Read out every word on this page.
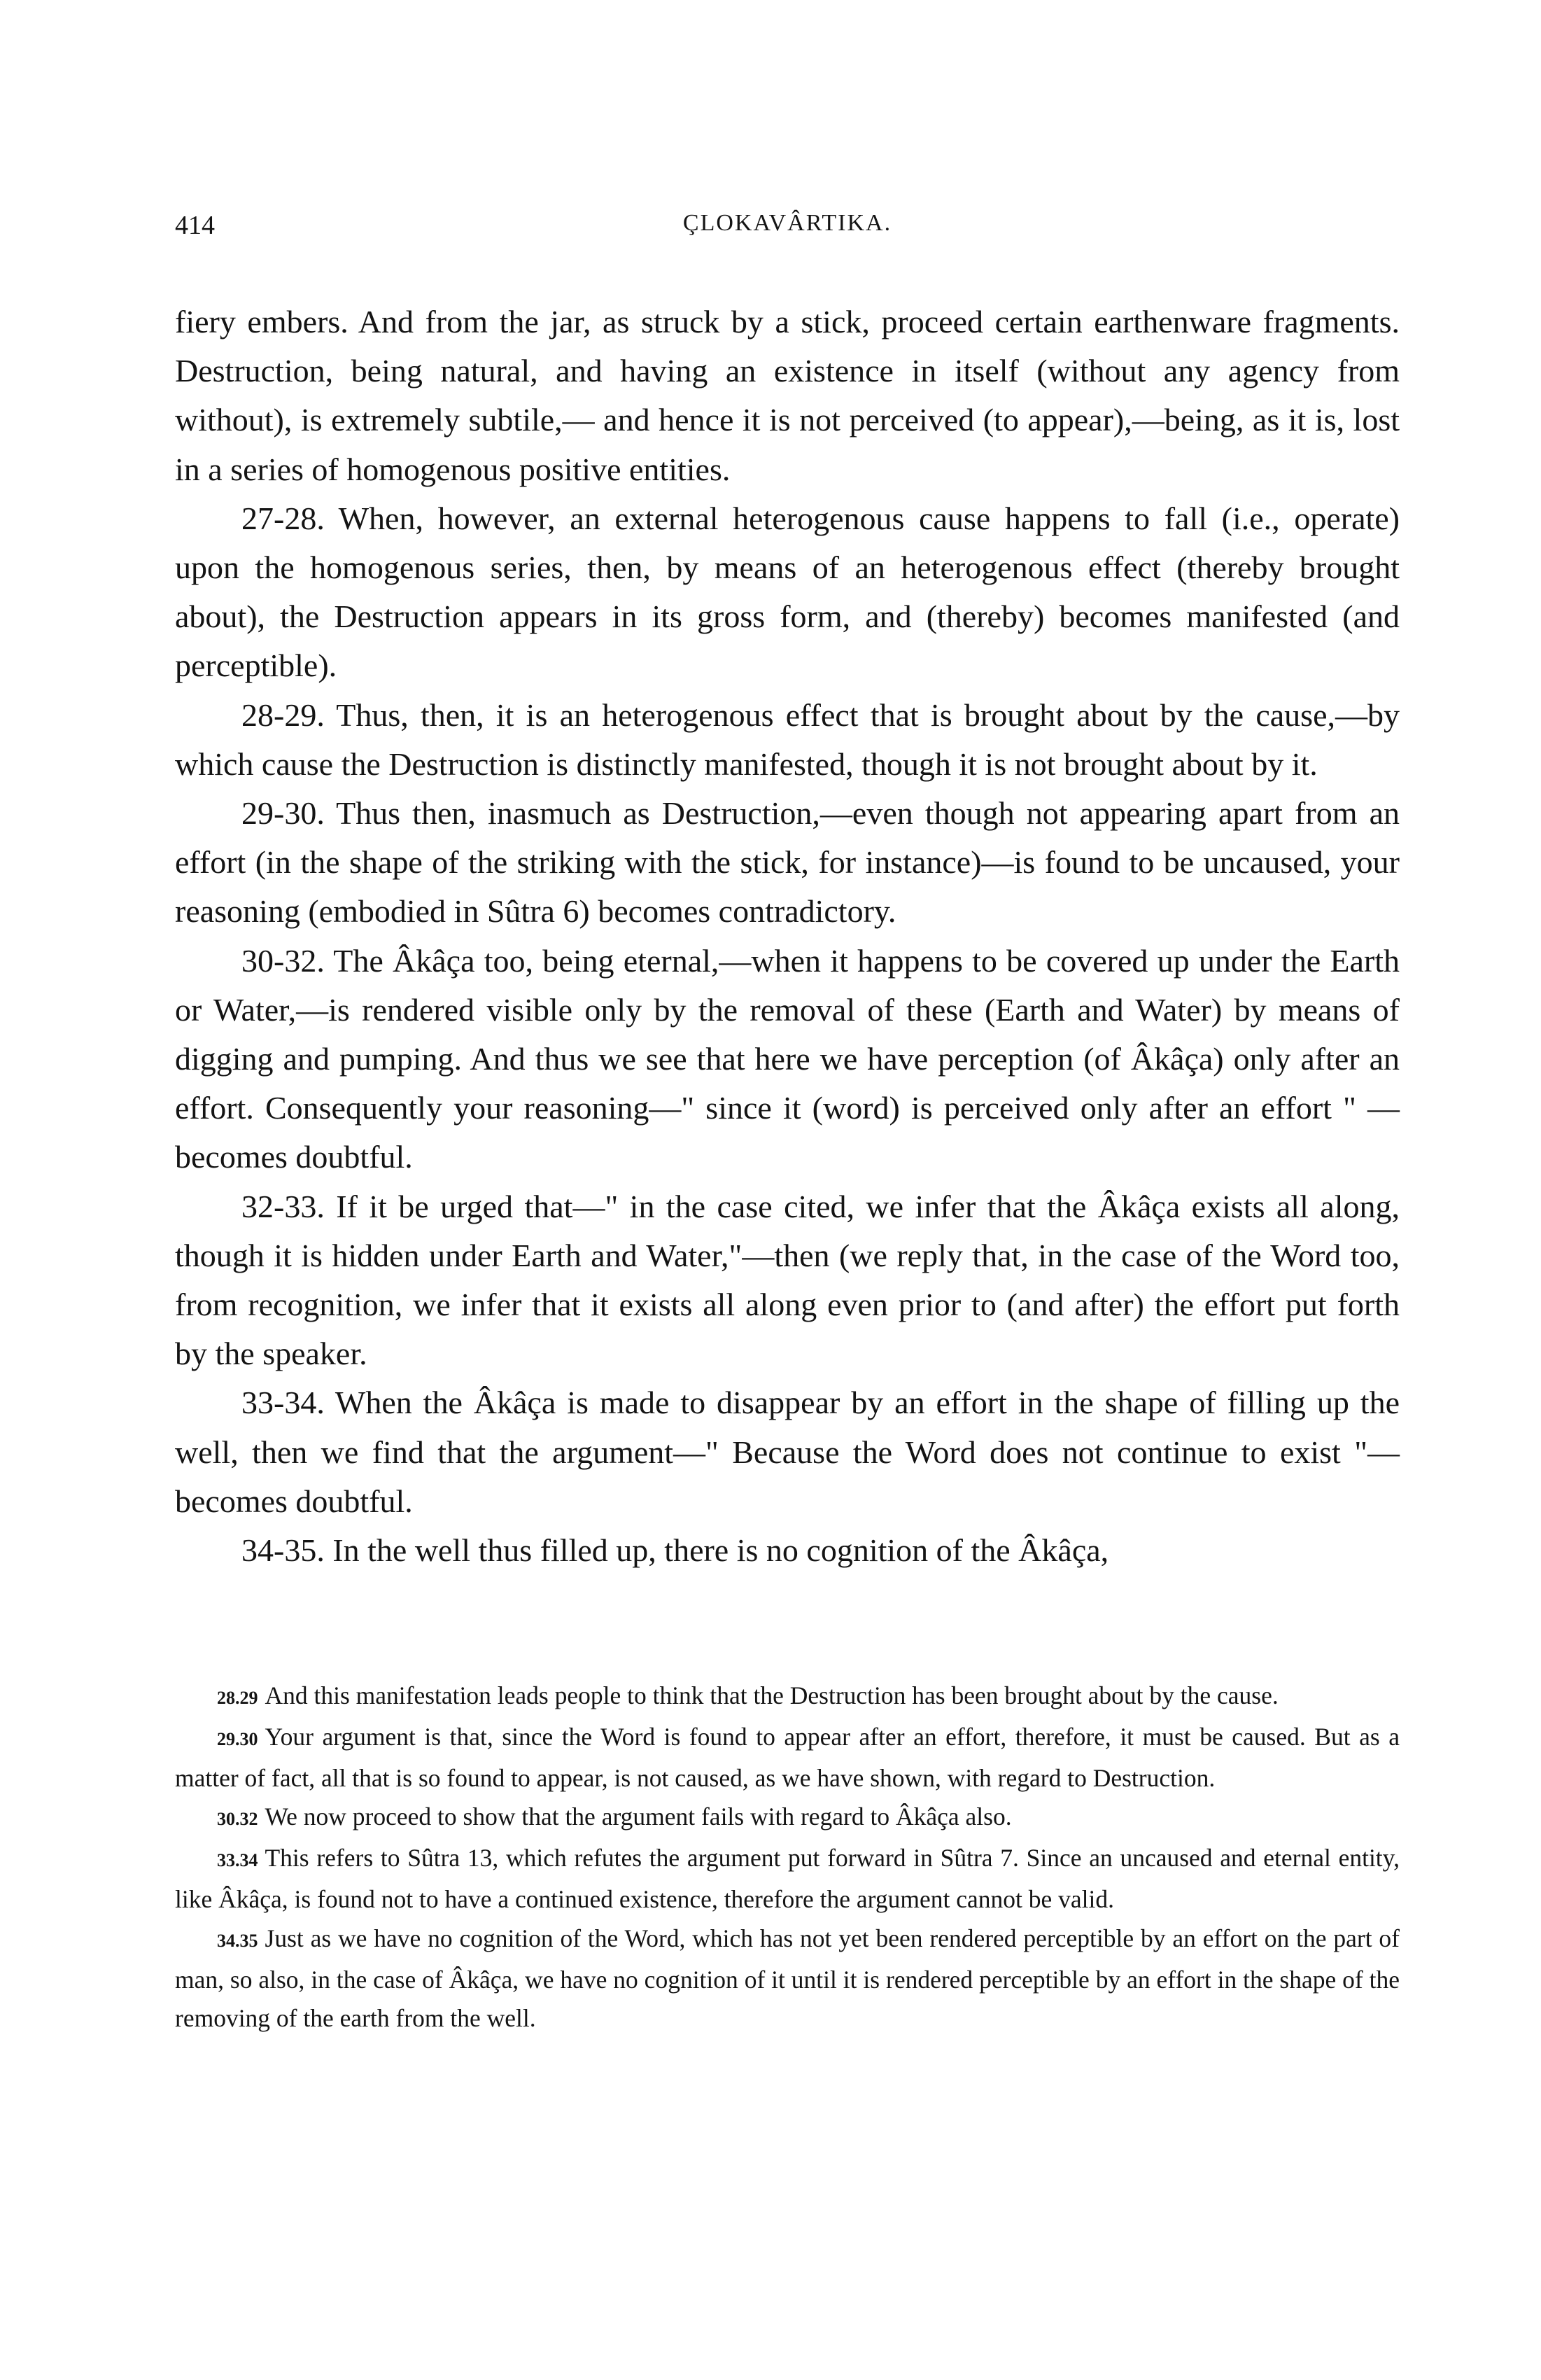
414	ÇLOKAVÂRTIKA.

fiery embers. And from the jar, as struck by a stick, proceed certain earthenware fragments. Destruction, being natural, and having an existence in itself (without any agency from without), is extremely subtile,— and hence it is not perceived (to appear),—being, as it is, lost in a series of homogenous positive entities.

27-28. When, however, an external heterogenous cause happens to fall (i.e., operate) upon the homogenous series, then, by means of an heterogenous effect (thereby brought about), the Destruction appears in its gross form, and (thereby) becomes manifested (and perceptible).

28-29. Thus, then, it is an heterogenous effect that is brought about by the cause,—by which cause the Destruction is distinctly manifested, though it is not brought about by it.

29-30. Thus then, inasmuch as Destruction,—even though not appearing apart from an effort (in the shape of the striking with the stick, for instance)—is found to be uncaused, your reasoning (embodied in Sûtra 6) becomes contradictory.

30-32. The Âkâça too, being eternal,—when it happens to be covered up under the Earth or Water,—is rendered visible only by the removal of these (Earth and Water) by means of digging and pumping. And thus we see that here we have perception (of Âkâça) only after an effort. Consequently your reasoning—" since it (word) is perceived only after an effort " —becomes doubtful.

32-33. If it be urged that—" in the case cited, we infer that the Âkâça exists all along, though it is hidden under Earth and Water,"—then (we reply that, in the case of the Word too, from recognition, we infer that it exists all along even prior to (and after) the effort put forth by the speaker.

33-34. When the Âkâça is made to disappear by an effort in the shape of filling up the well, then we find that the argument—" Because the Word does not continue to exist "—becomes doubtful.

34-35. In the well thus filled up, there is no cognition of the Âkâça,

28.29 And this manifestation leads people to think that the Destruction has been brought about by the cause.

29.30 Your argument is that, since the Word is found to appear after an effort, therefore, it must be caused. But as a matter of fact, all that is so found to appear, is not caused, as we have shown, with regard to Destruction.

30.32 We now proceed to show that the argument fails with regard to Âkâça also.

33.34 This refers to Sûtra 13, which refutes the argument put forward in Sûtra 7. Since an uncaused and eternal entity, like Âkâça, is found not to have a continued existence, therefore the argument cannot be valid.

34.35 Just as we have no cognition of the Word, which has not yet been rendered perceptible by an effort on the part of man, so also, in the case of Âkâça, we have no cognition of it until it is rendered perceptible by an effort in the shape of the removing of the earth from the well.
